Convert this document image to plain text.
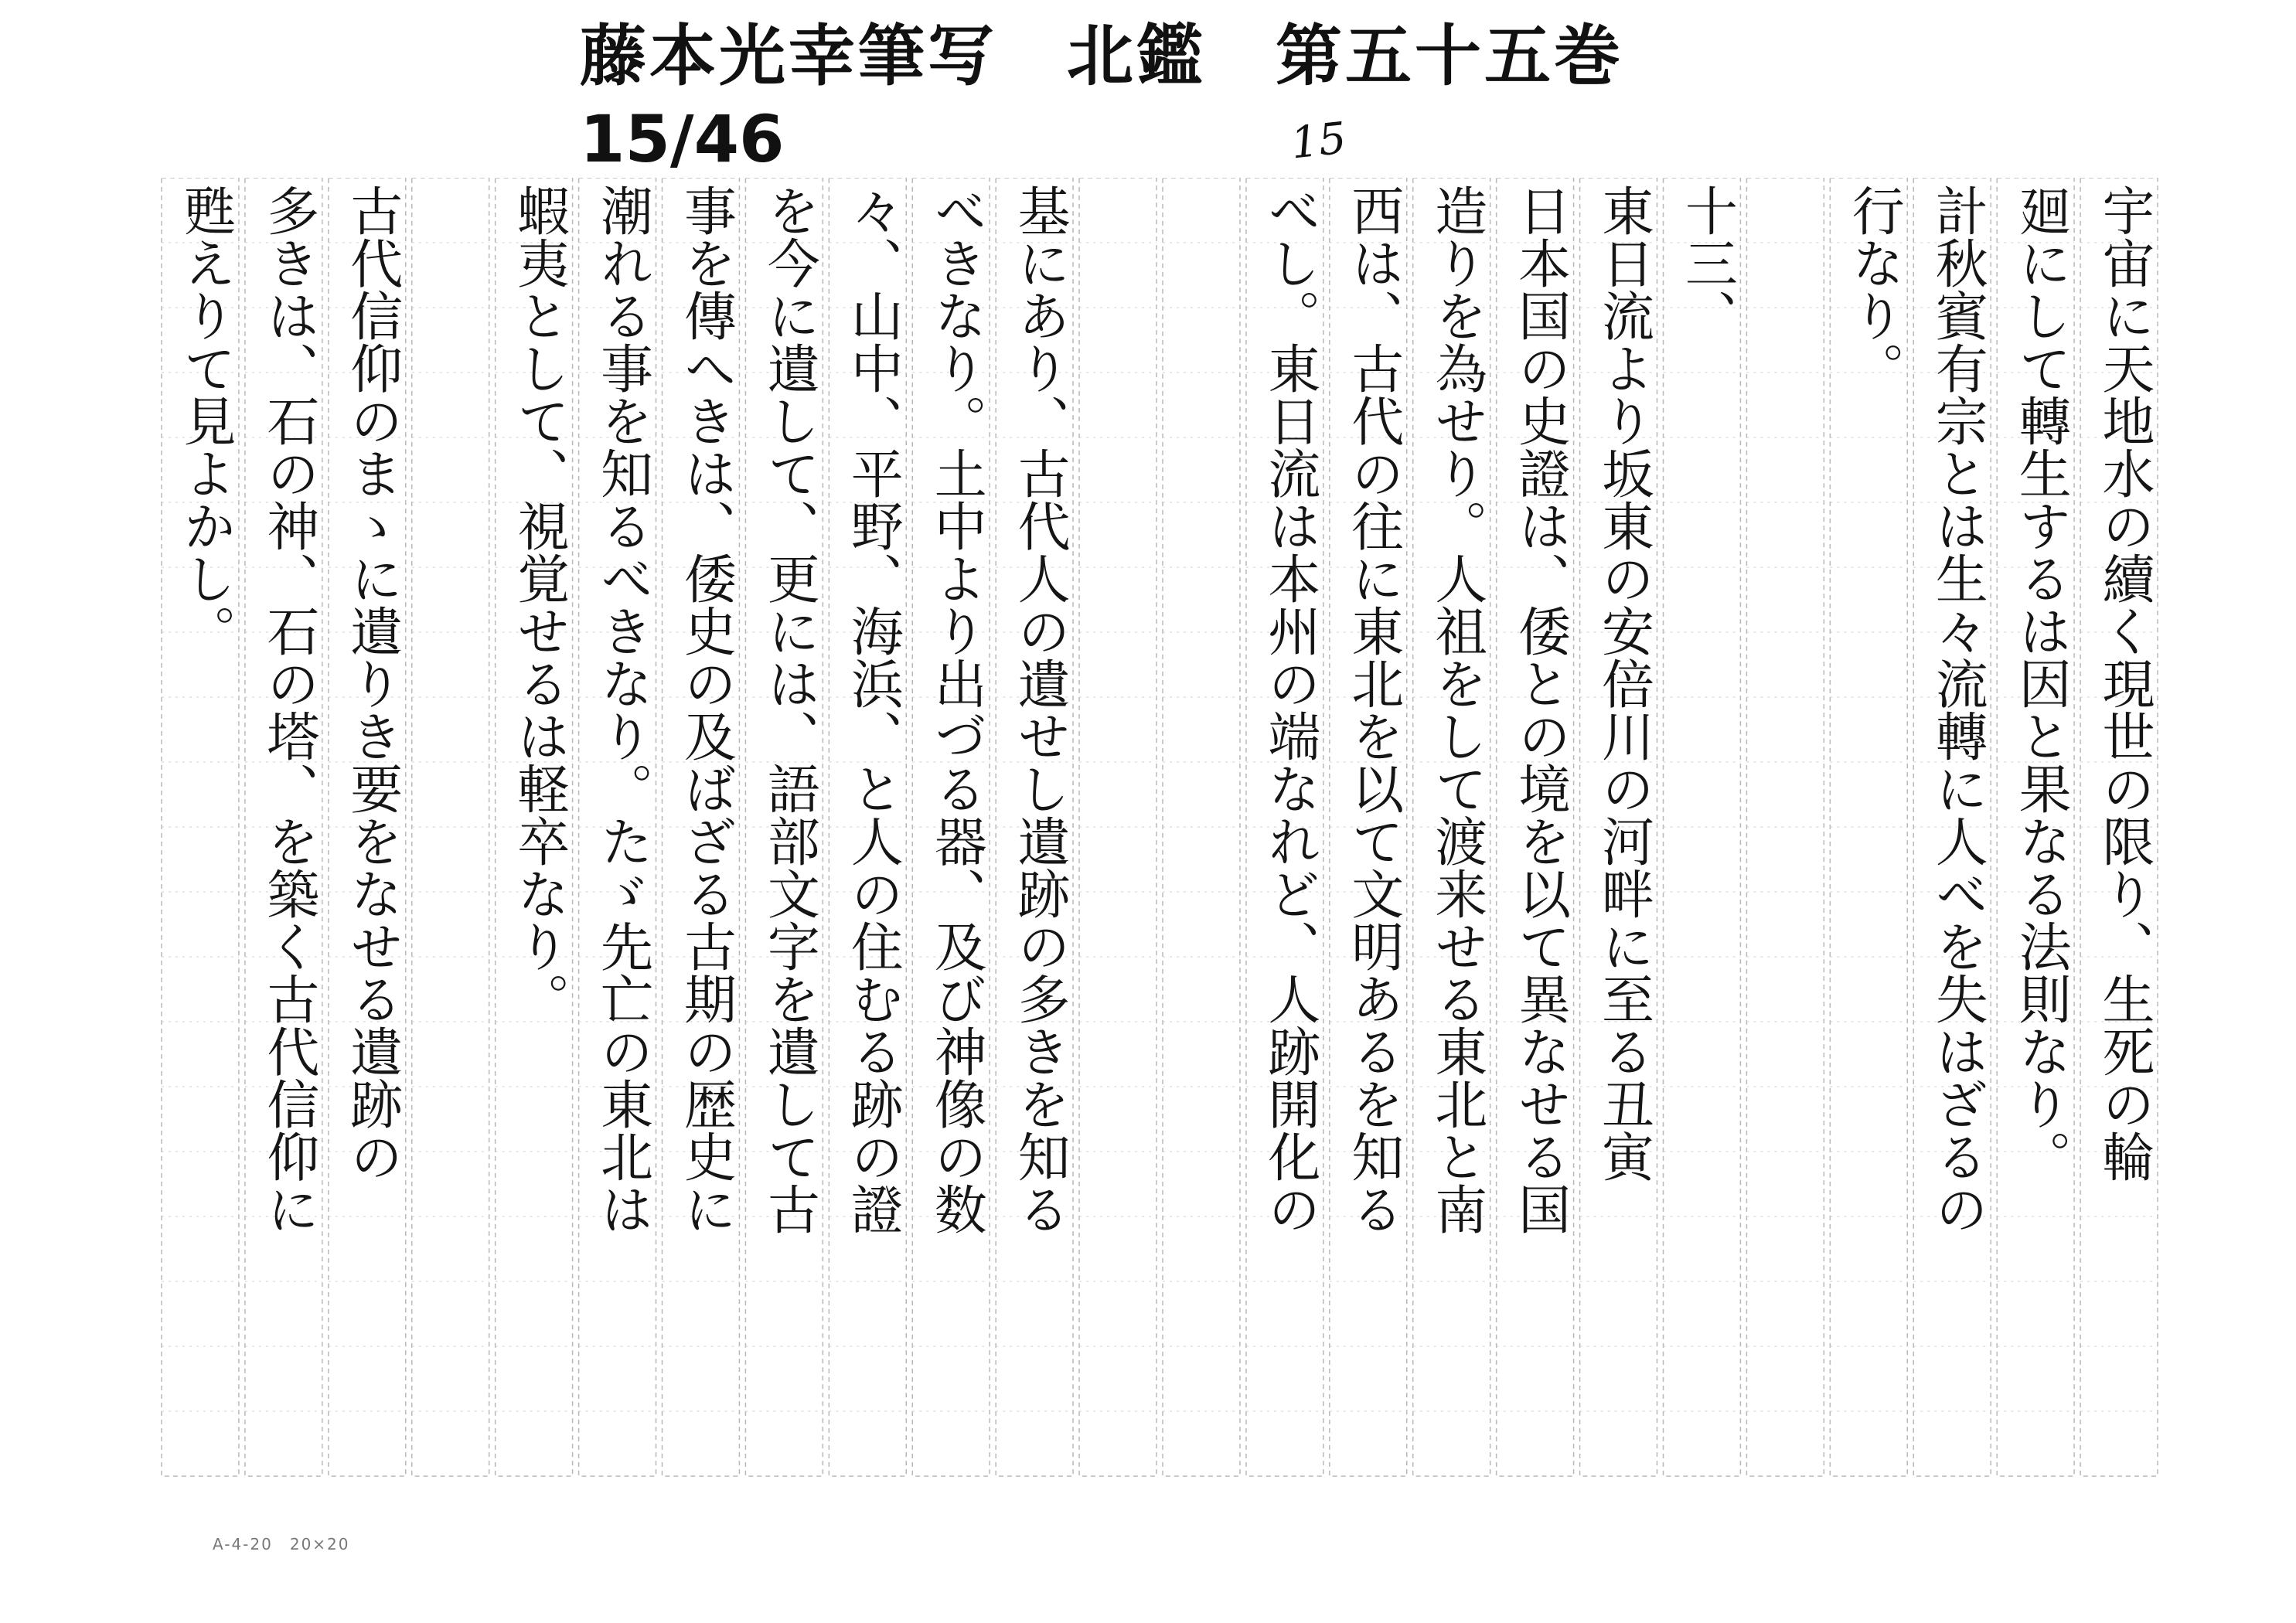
藤本光幸筆写　北鑑　第五十五巻
15/46	15
宇宙に天地水の續く現世の限り、生死の輪
廻にして轉生するは因と果なる法則なり。
計秋賓有宗とは生々流轉に人べを失はざるの
行なり。
十三、
東日流より坂東の安倍川の河畔に至る丑寅
日本国の史證は、倭との境を以て異なせる国
造りを為せり。人祖をして渡来せる東北と南
西は、古代の往に東北を以て文明あるを知る
べし。東日流は本州の端なれど、人跡開化の
基にあり、古代人の遺せし遺跡の多きを知る
べきなり。土中より出づる器、及び神像の数
々、山中、平野、海浜、と人の住むる跡の證
を今に遺して、更には、語部文字を遺して古
事を傳へきは、倭史の及ばざる古期の歴史に
潮れる事を知るべきなり。たゞ先亡の東北は
蝦夷として、視覚せるは軽卒なり。
古代信仰のまゝに遺りき要をなせる遺跡の
多きは、石の神、石の塔、を築く古代信仰に
甦えりて見よかし。
A-4-20　20×20
